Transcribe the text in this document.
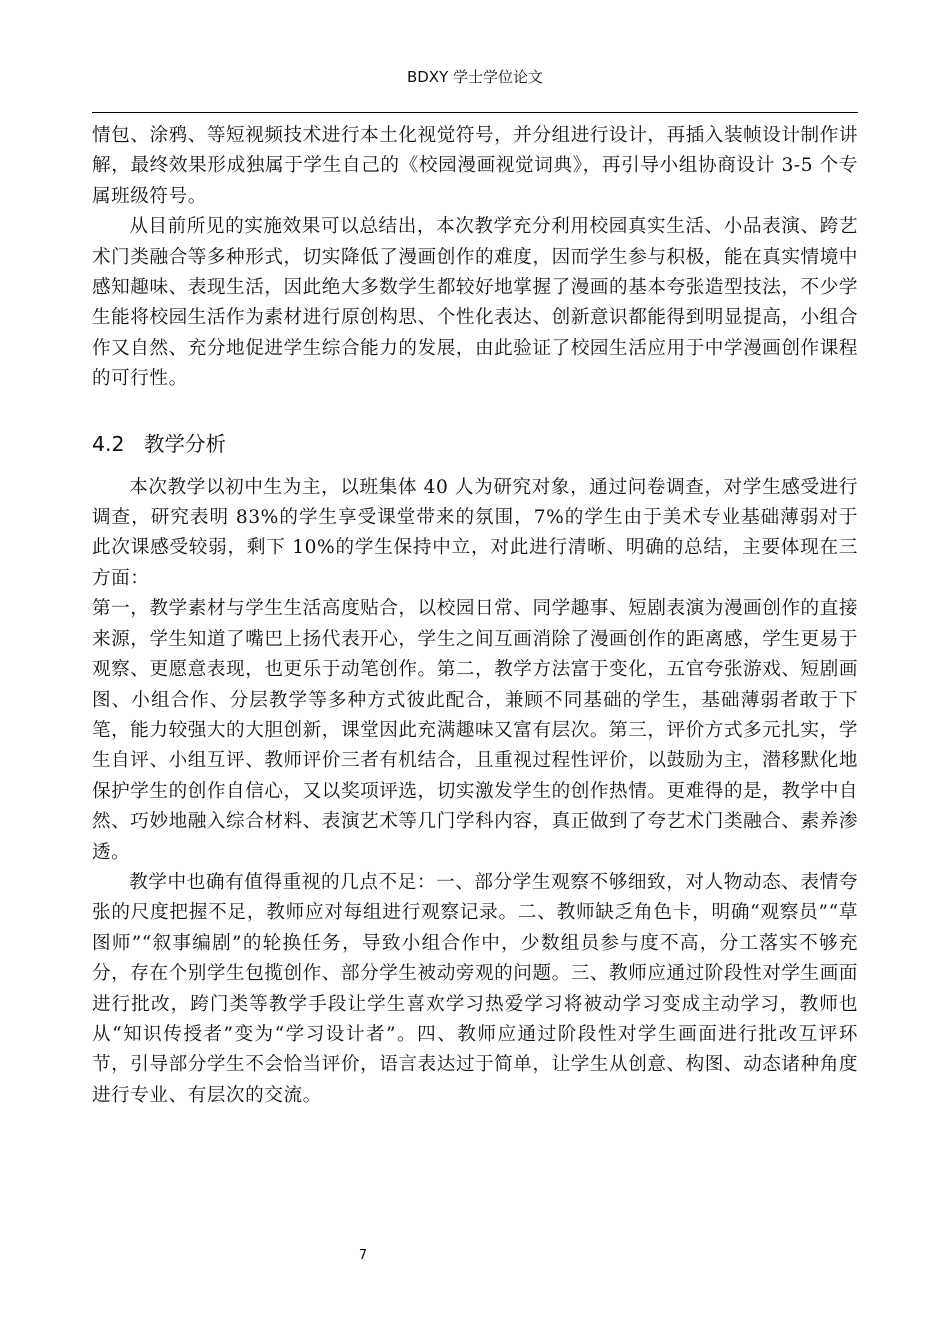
BDXY 学士学位论文

情包、涂鸦、等短视频技术进行本土化视觉符号，并分组进行设计，再插入装帧设计制作讲解，最终效果形成独属于学生自己的《校园漫画视觉词典》，再引导小组协商设计 3-5 个专属班级符号。

从目前所见的实施效果可以总结出，本次教学充分利用校园真实生活、小品表演、跨艺术门类融合等多种形式，切实降低了漫画创作的难度，因而学生参与积极，能在真实情境中感知趣味、表现生活，因此绝大多数学生都较好地掌握了漫画的基本夸张造型技法，不少学生能将校园生活作为素材进行原创构思、个性化表达、创新意识都能得到明显提高，小组合作又自然、充分地促进学生综合能力的发展，由此验证了校园生活应用于中学漫画创作课程的可行性。

4.2 教学分析

本次教学以初中生为主，以班集体 40 人为研究对象，通过问卷调查，对学生感受进行调查，研究表明 83%的学生享受课堂带来的氛围，7%的学生由于美术专业基础薄弱对于此次课感受较弱，剩下 10%的学生保持中立，对此进行清晰、明确的总结，主要体现在三方面：

第一，教学素材与学生生活高度贴合，以校园日常、同学趣事、短剧表演为漫画创作的直接来源，学生知道了嘴巴上扬代表开心，学生之间互画消除了漫画创作的距离感，学生更易于观察、更愿意表现，也更乐于动笔创作。第二，教学方法富于变化，五官夸张游戏、短剧画图、小组合作、分层教学等多种方式彼此配合，兼顾不同基础的学生，基础薄弱者敢于下笔，能力较强大的大胆创新，课堂因此充满趣味又富有层次。第三，评价方式多元扎实，学生自评、小组互评、教师评价三者有机结合，且重视过程性评价，以鼓励为主，潜移默化地保护学生的创作自信心，又以奖项评选，切实激发学生的创作热情。更难得的是，教学中自然、巧妙地融入综合材料、表演艺术等几门学科内容，真正做到了夸艺术门类融合、素养渗透。

教学中也确有值得重视的几点不足：一、部分学生观察不够细致，对人物动态、表情夸张的尺度把握不足，教师应对每组进行观察记录。二、教师缺乏角色卡，明确“观察员”“草图师”“叙事编剧”的轮换任务，导致小组合作中，少数组员参与度不高，分工落实不够充分，存在个别学生包揽创作、部分学生被动旁观的问题。三、教师应通过阶段性对学生画面进行批改，跨门类等教学手段让学生喜欢学习热爱学习将被动学习变成主动学习，教师也从“知识传授者”变为“学习设计者”。四、教师应通过阶段性对学生画面进行批改互评环节，引导部分学生不会恰当评价，语言表达过于简单，让学生从创意、构图、动态诸种角度进行专业、有层次的交流。

7
